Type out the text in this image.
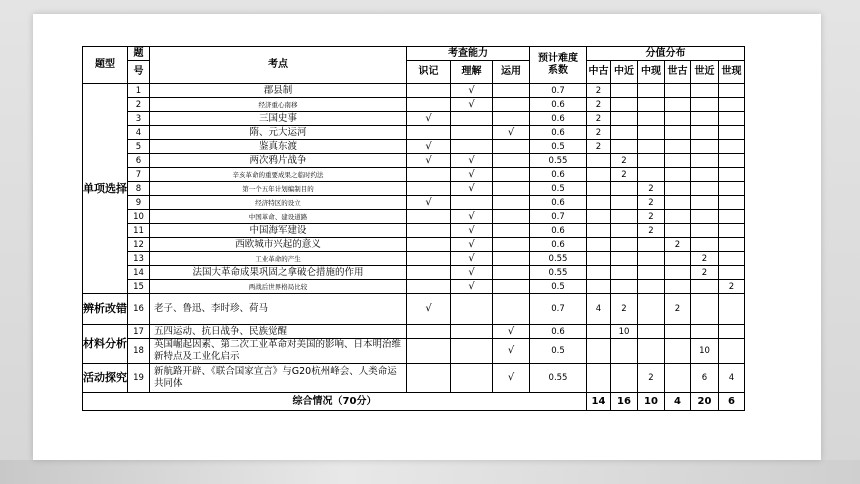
题型	题	考点	考查能力			预计难度系数	分值分布					
	号		识记	理解	运用		中古	中近	中现	世古	世近	世现
单项选择	1	郡县制		√		0.7	2					
	2	经济重心南移		√		0.6	2					
	3	三国史事	√			0.6	2					
	4	隋、元大运河			√	0.6	2					
	5	鉴真东渡	√			0.5	2					
	6	两次鸦片战争	√	√		0.55		2				
	7	辛亥革命的重要成果之临时约法		√		0.6		2				
	8	第一个五年计划编制目的		√		0.5			2			
	9	经济特区的设立	√			0.6			2			
	10	中国革命、建设道路		√		0.7			2			
	11	中国海军建设		√		0.6			2			
	12	西欧城市兴起的意义		√		0.6				2		
	13	工业革命的产生		√		0.55					2	
	14	法国大革命成果巩固之拿破仑措施的作用		√		0.55					2	
	15	两战后世界格局比较		√		0.5						2
辨析改错	16	老子、鲁迅、李时珍、荷马	√			0.7	4	2		2		
材料分析	17	五四运动、抗日战争、民族觉醒			√	0.6		10				
	18	英国崛起因素、第二次工业革命对美国的影响、日本明治维新特点及工业化启示			√	0.5					10	
活动探究	19	新航路开辟、《联合国家宣言》与G20杭州峰会、人类命运共同体			√	0.55			2		6	4
综合情况（70分）							14	16	10	4	20	6
